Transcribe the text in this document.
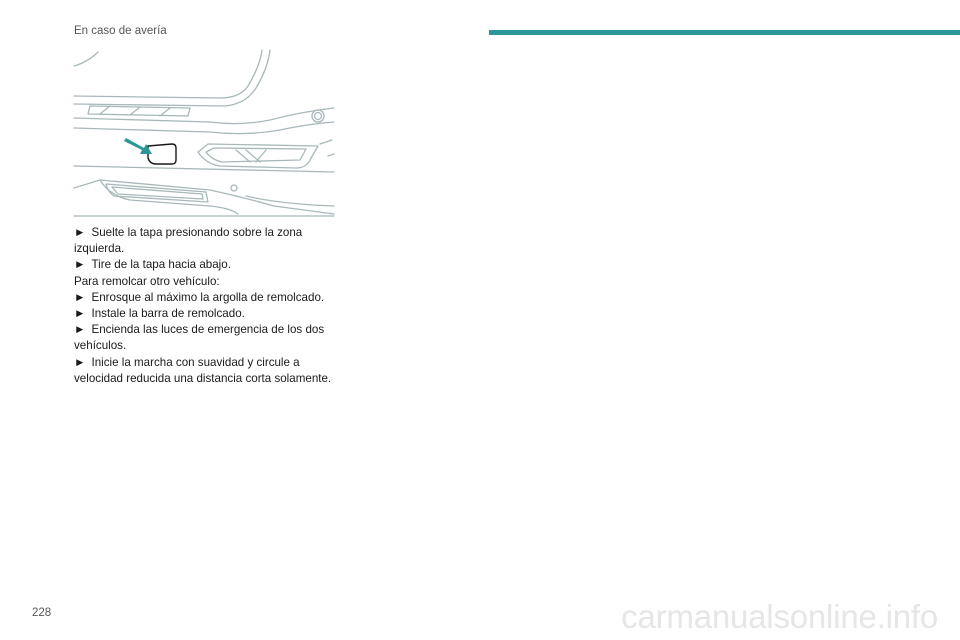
En caso de avería

► Suelte la tapa presionando sobre la zona izquierda.

► Tire de la tapa hacia abajo.

Para remolcar otro vehículo:

► Enrosque al máximo la argolla de remolcado.

► Instale la barra de remolcado.

► Encienda las luces de emergencia de los dos vehículos.

► Inicie la marcha con suavidad y circule a velocidad reducida una distancia corta solamente.

228	carmanualsonline.info
